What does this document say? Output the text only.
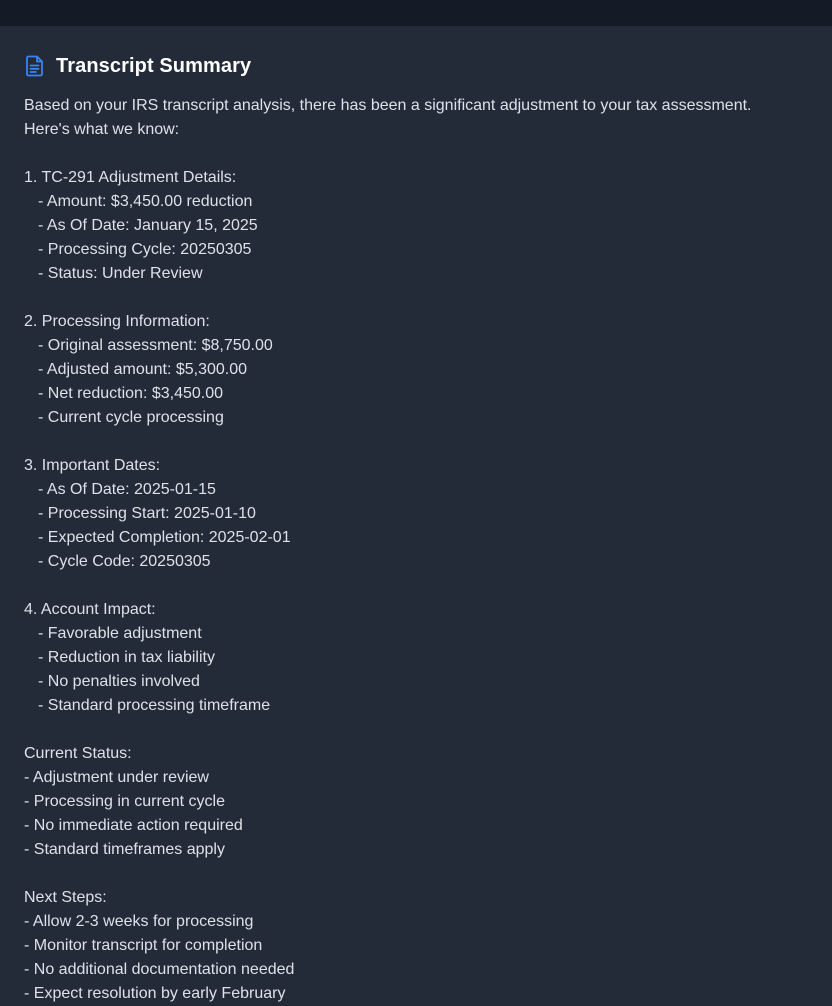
Transcript Summary
Based on your IRS transcript analysis, there has been a significant adjustment to your tax assessment.
Here's what we know:
1. TC-291 Adjustment Details:
- Amount: $3,450.00 reduction
- As Of Date: January 15, 2025
- Processing Cycle: 20250305
- Status: Under Review
2. Processing Information:
- Original assessment: $8,750.00
- Adjusted amount: $5,300.00
- Net reduction: $3,450.00
- Current cycle processing
3. Important Dates:
- As Of Date: 2025-01-15
- Processing Start: 2025-01-10
- Expected Completion: 2025-02-01
- Cycle Code: 20250305
4. Account Impact:
- Favorable adjustment
- Reduction in tax liability
- No penalties involved
- Standard processing timeframe
Current Status:
- Adjustment under review
- Processing in current cycle
- No immediate action required
- Standard timeframes apply
Next Steps:
- Allow 2-3 weeks for processing
- Monitor transcript for completion
- No additional documentation needed
- Expect resolution by early February
